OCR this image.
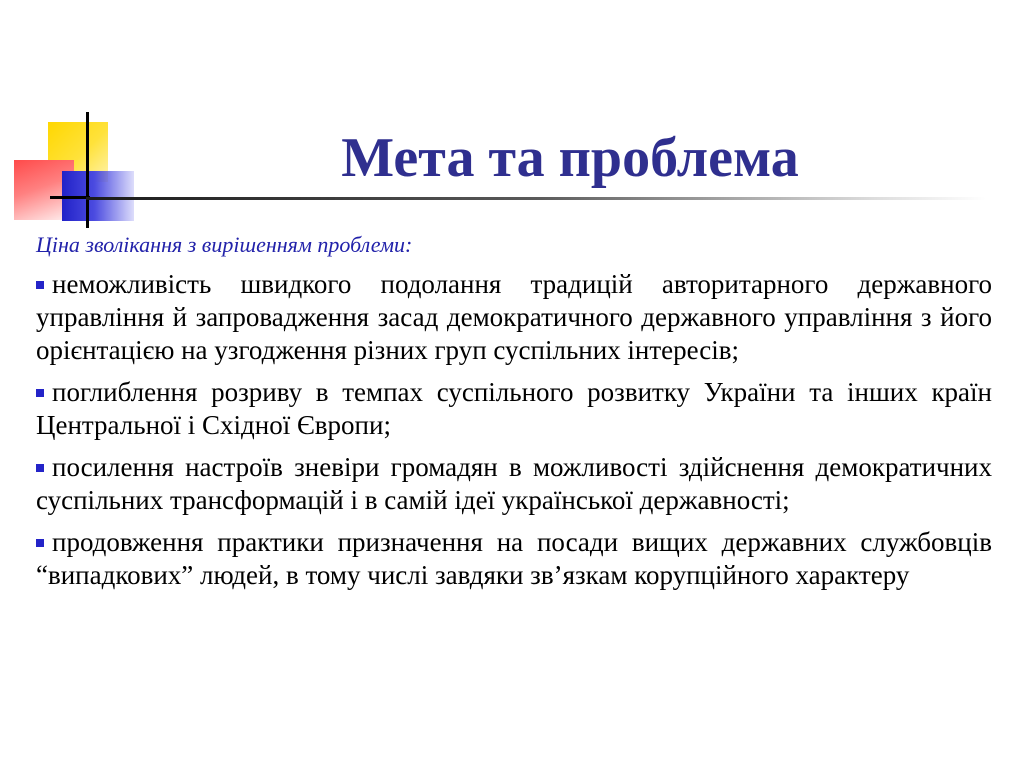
Мета та проблема

Ціна зволікання з вирішенням проблеми:

неможливість швидкого подолання традицій авторитарного державного управління й запровадження засад демократичного державного управління з його орієнтацією на узгодження різних груп суспільних інтересів;
поглиблення розриву в темпах суспільного розвитку України та інших країн Центральної і Східної Європи;
посилення настроїв зневіри громадян в можливості здійснення демократичних суспільних трансформацій і в самій ідеї української державності;
продовження практики призначення на посади вищих державних службовців “випадкових” людей, в тому числі завдяки зв’язкам корупційного характеру
